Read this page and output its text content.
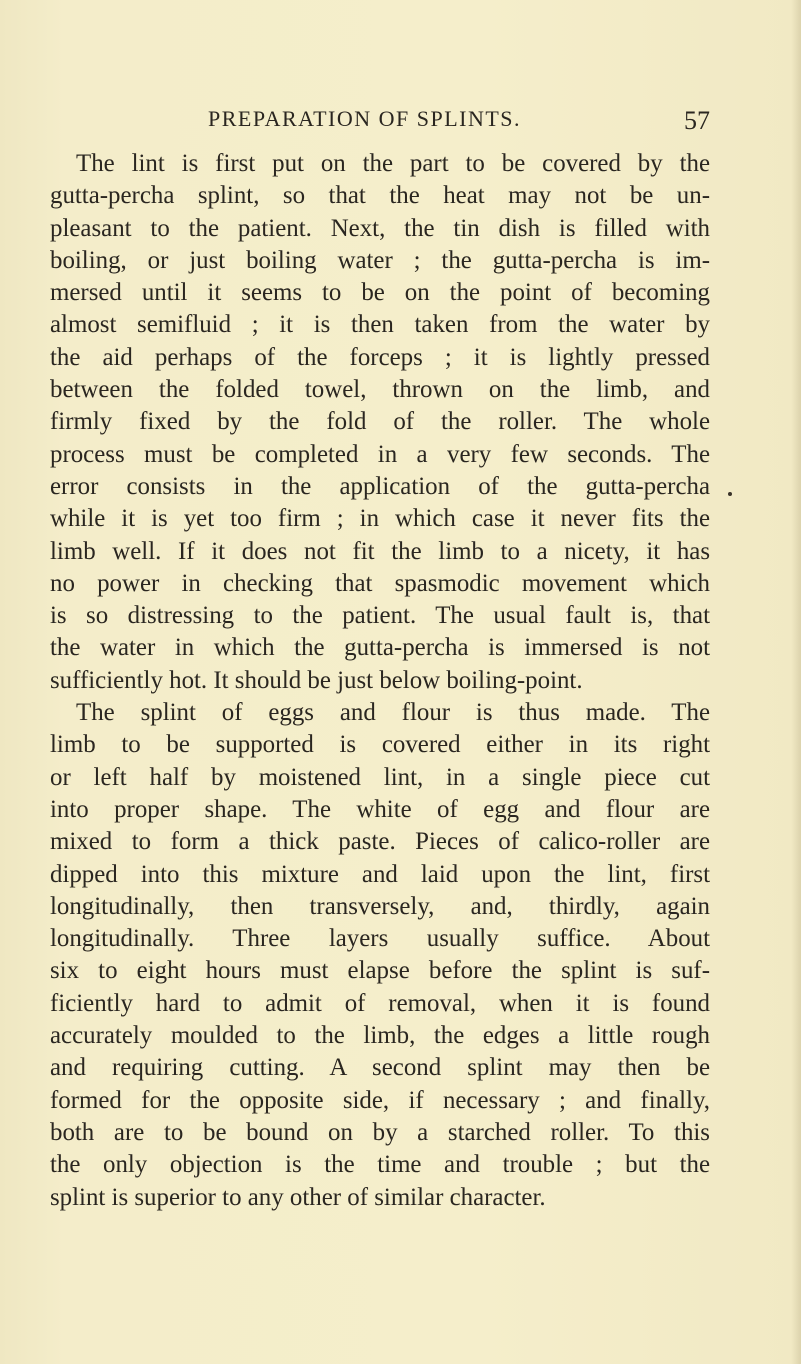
PREPARATION OF SPLINTS.	57
The lint is first put on the part to be covered by the
gutta-percha splint, so that the heat may not be un-
pleasant to the patient. Next, the tin dish is filled with
boiling, or just boiling water ; the gutta-percha is im-
mersed until it seems to be on the point of becoming
almost semifluid ; it is then taken from the water by
the aid perhaps of the forceps ; it is lightly pressed
between the folded towel, thrown on the limb, and
firmly fixed by the fold of the roller. The whole
process must be completed in a very few seconds. The
error consists in the application of the gutta-percha
while it is yet too firm ; in which case it never fits the
limb well. If it does not fit the limb to a nicety, it has
no power in checking that spasmodic movement which
is so distressing to the patient. The usual fault is, that
the water in which the gutta-percha is immersed is not
sufficiently hot. It should be just below boiling-point.
The splint of eggs and flour is thus made. The
limb to be supported is covered either in its right
or left half by moistened lint, in a single piece cut
into proper shape. The white of egg and flour are
mixed to form a thick paste. Pieces of calico-roller are
dipped into this mixture and laid upon the lint, first
longitudinally, then transversely, and, thirdly, again
longitudinally. Three layers usually suffice. About
six to eight hours must elapse before the splint is suf-
ficiently hard to admit of removal, when it is found
accurately moulded to the limb, the edges a little rough
and requiring cutting. A second splint may then be
formed for the opposite side, if necessary ; and finally,
both are to be bound on by a starched roller. To this
the only objection is the time and trouble ; but the
splint is superior to any other of similar character.
